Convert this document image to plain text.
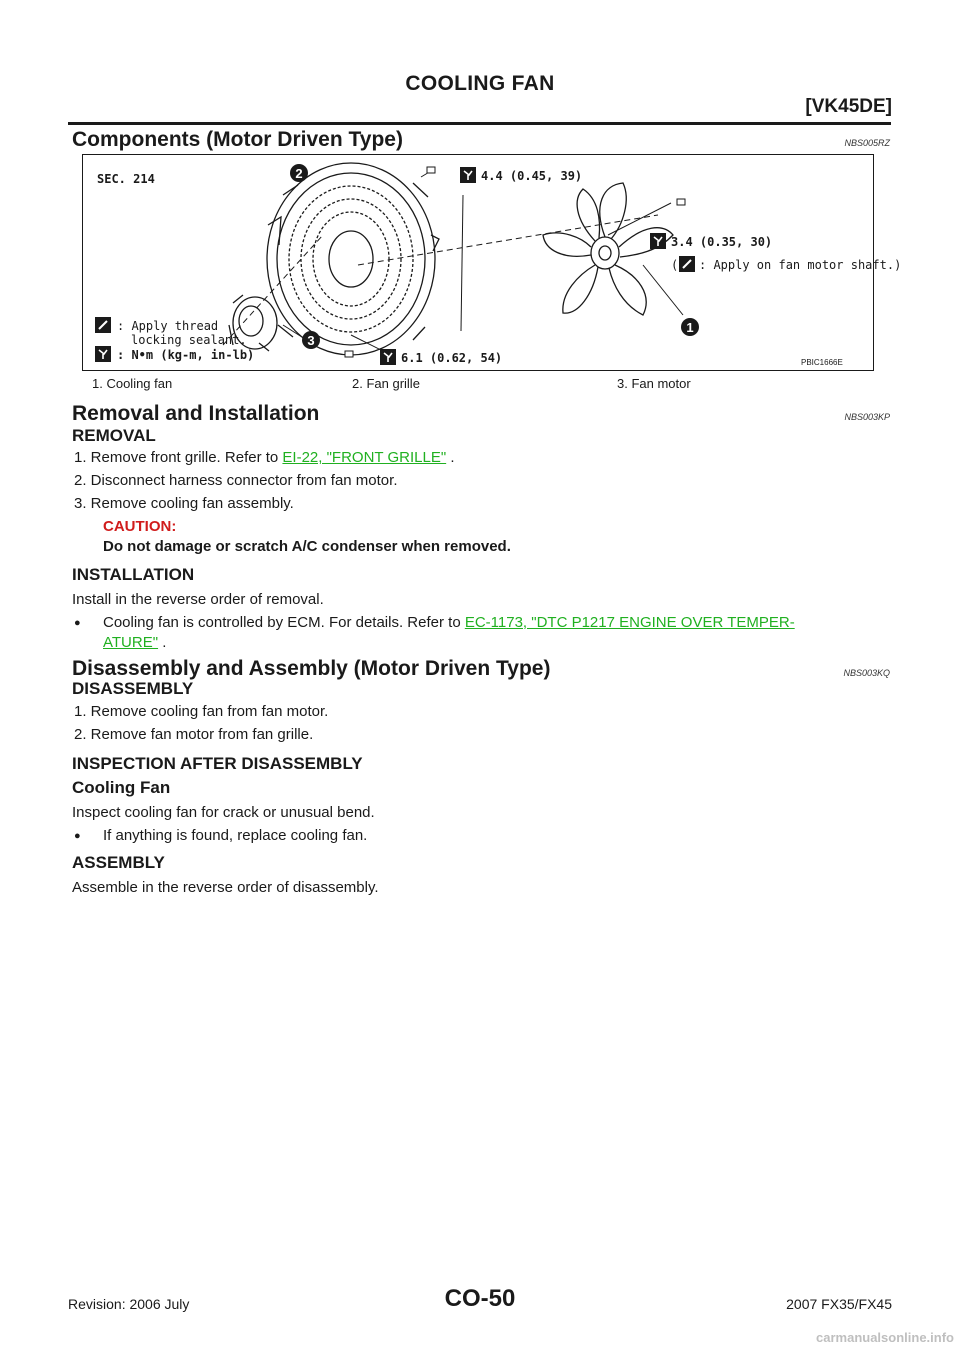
COOLING FAN
[VK45DE]
Components (Motor Driven Type)	NBS005RZ
SEC. 214	2
3
1
4.4 (0.45, 39)
3.4 (0.35, 30)
( : Apply on fan motor shaft.)
6.1 (0.62, 54)
: Apply thread
locking sealant.
: N•m (kg-m, in-lb)
PBIC1666E
1. Cooling fan	2. Fan grille	3. Fan motor
Removal and Installation	NBS003KP
REMOVAL
1. Remove front grille. Refer to EI-22, "FRONT GRILLE" .
2. Disconnect harness connector from fan motor.
3. Remove cooling fan assembly.
CAUTION:
Do not damage or scratch A/C condenser when removed.
INSTALLATION
Install in the reverse order of removal.
● Cooling fan is controlled by ECM. For details. Refer to EC-1173, "DTC P1217 ENGINE OVER TEMPER-
ATURE" .
Disassembly and Assembly (Motor Driven Type)	NBS003KQ
DISASSEMBLY
1. Remove cooling fan from fan motor.
2. Remove fan motor from fan grille.
INSPECTION AFTER DISASSEMBLY
Cooling Fan
Inspect cooling fan for crack or unusual bend.
● If anything is found, replace cooling fan.
ASSEMBLY
Assemble in the reverse order of disassembly.
Revision: 2006 July	CO-50	2007 FX35/FX45
carmanualsonline.info
